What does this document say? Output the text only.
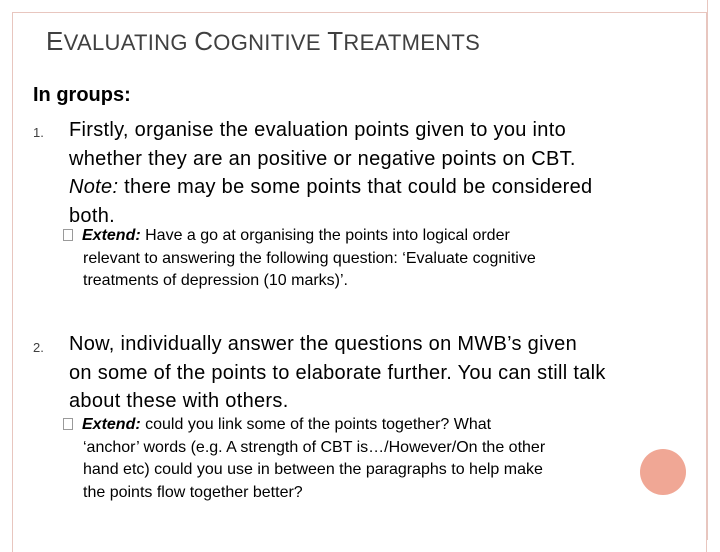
EVALUATING COGNITIVE TREATMENTS
In groups:
1. Firstly, organise the evaluation points given to you into
whether they are an positive or negative points on CBT.
Note: there may be some points that could be considered
both.
Extend: Have a go at organising the points into logical order
relevant to answering the following question: ‘Evaluate cognitive
treatments of depression (10 marks)’.
2. Now, individually answer the questions on MWB’s given
on some of the points to elaborate further. You can still talk
about these with others.
Extend: could you link some of the points together? What
‘anchor’ words (e.g. A strength of CBT is…/However/On the other
hand etc) could you use in between the paragraphs to help make
the points flow together better?
